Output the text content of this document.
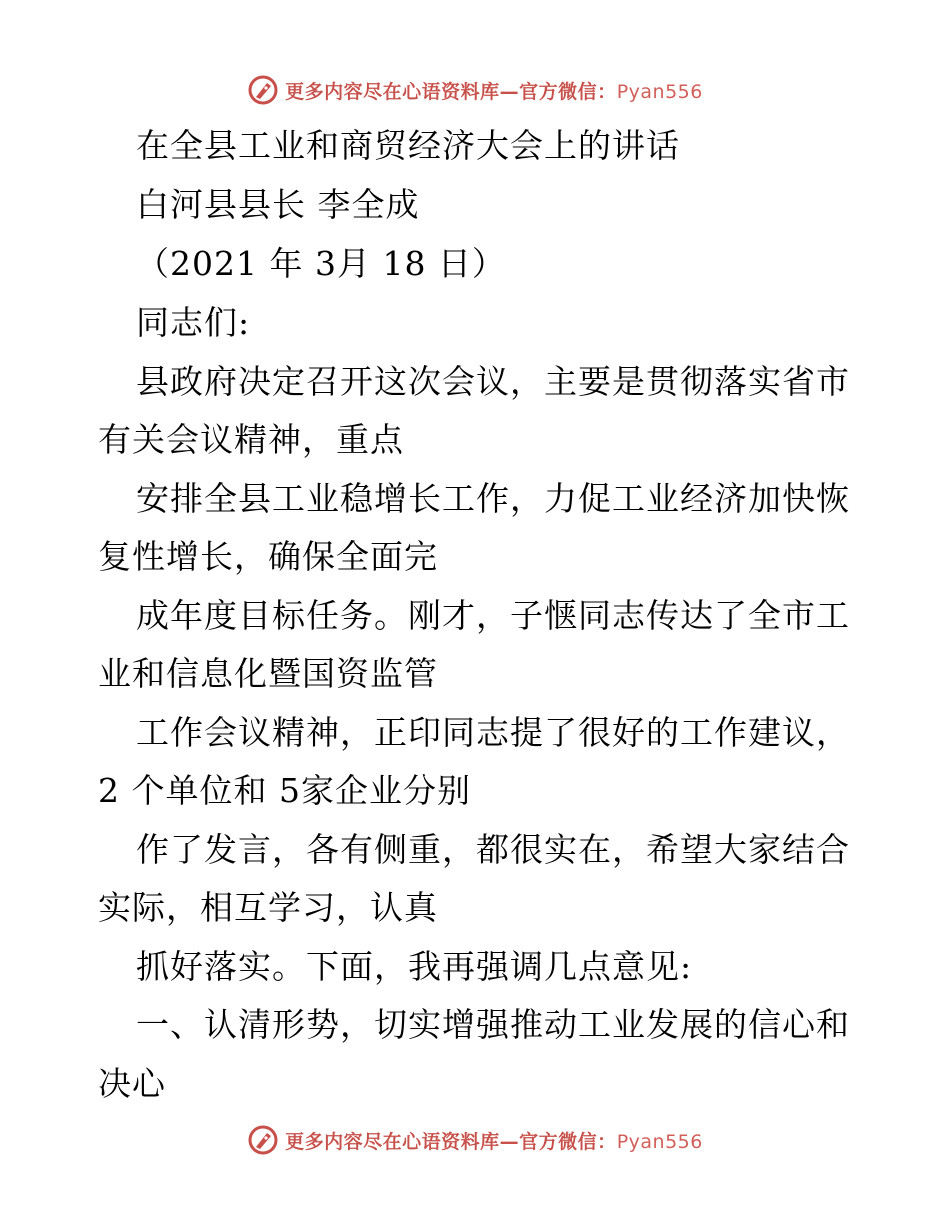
更多内容尽在心语资料库—官方微信：Pyan556
在全县工业和商贸经济大会上的讲话
白河县县长 李全成
（2021 年 3月 18 日）
同志们:
县政府决定召开这次会议，主要是贯彻落实省市
有关会议精神，重点
安排全县工业稳增长工作，力促工业经济加快恢
复性增长，确保全面完
成年度目标任务。刚才，子惬同志传达了全市工
业和信息化暨国资监管
工作会议精神，正印同志提了很好的工作建议，
2 个单位和 5家企业分别
作了发言，各有侧重，都很实在，希望大家结合
实际，相互学习，认真
抓好落实。下面，我再强调几点意见:
一、认清形势，切实增强推动工业发展的信心和
决心
更多内容尽在心语资料库—官方微信：Pyan556
